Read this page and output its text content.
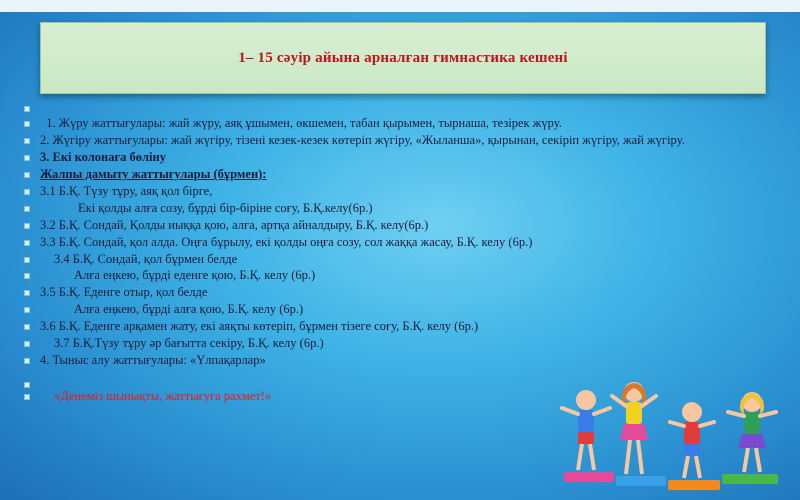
1– 15 сәуір айына арналған гимнастика кешені
1. Жүру жаттығулары: жай жүру, аяқ ұшымен, өкшемен, табан қырымен, тырнаша, тезірек жүру.
2. Жүгіру жаттығулары: жай жүгіру, тізені кезек-кезек көтеріп жүгіру, «Жыланша», қырынан, секіріп жүгіру, жай жүгіру.
3. Екі колонаға бөліну
Жалпы дамыту жаттығулары (бұрмен):
3.1 Б.Қ. Түзу тұру, аяқ қол бірге,
Екі қолды алға созу, бұрді бір-біріне соғу, Б.Қ.келу(6р.)
3.2 Б.Қ. Сондай, Қолды иыққа қою, алға, артқа айналдыру, Б.Қ. келу(6р.)
3.3 Б.Қ. Сондай, қол алда. Оңға бұрылу, екі қолды оңға созу, сол жаққа жасау, Б.Қ. келу (6р.)
3.4 Б.Қ. Сондай, қол бұрмен белде
Алға еңкею, бұрді еденге қою, Б.Қ. келу (6р.)
3.5 Б.Қ. Еденге отыр, қол белде
Алға еңкею, бұрді алға қою, Б.Қ. келу (6р.)
3.6 Б.Қ. Еденге арқамен жату, екі аяқты көтеріп, бұрмен тізеге соғу, Б.Қ. келу (6р.)
3.7 Б.Қ.Түзу тұру әр бағытта секіру, Б.Қ. келу (6р.)
4. Тыныс алу жаттығулары: «Үлпақарлар»
«Денеміз шынықты, жаттығуға рахмет!»
